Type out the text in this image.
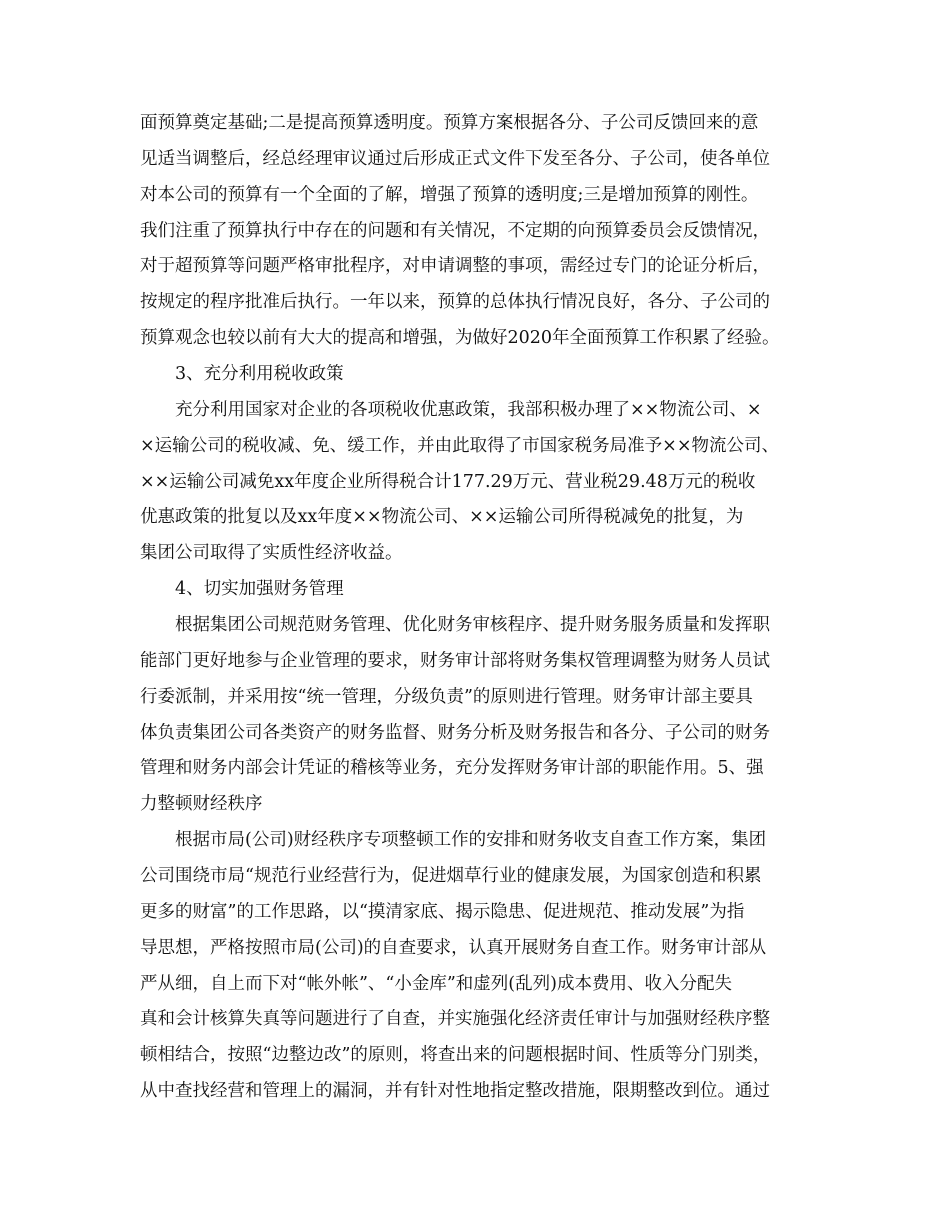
面预算奠定基础;二是提高预算透明度。预算方案根据各分、子公司反馈回来的意
见适当调整后，经总经理审议通过后形成正式文件下发至各分、子公司，使各单位
对本公司的预算有一个全面的了解，增强了预算的透明度;三是增加预算的刚性。
我们注重了预算执行中存在的问题和有关情况，不定期的向预算委员会反馈情况，
对于超预算等问题严格审批程序，对申请调整的事项，需经过专门的论证分析后，
按规定的程序批准后执行。一年以来，预算的总体执行情况良好，各分、子公司的
预算观念也较以前有大大的提高和增强，为做好2020年全面预算工作积累了经验。
3、充分利用税收政策
充分利用国家对企业的各项税收优惠政策，我部积极办理了××物流公司、×
×运输公司的税收减、免、缓工作，并由此取得了市国家税务局准予××物流公司、
××运输公司减免xx年度企业所得税合计177.29万元、营业税29.48万元的税收
优惠政策的批复以及xx年度××物流公司、××运输公司所得税减免的批复，为
集团公司取得了实质性经济收益。
4、切实加强财务管理
根据集团公司规范财务管理、优化财务审核程序、提升财务服务质量和发挥职
能部门更好地参与企业管理的要求，财务审计部将财务集权管理调整为财务人员试
行委派制，并采用按“统一管理，分级负责”的原则进行管理。财务审计部主要具
体负责集团公司各类资产的财务监督、财务分析及财务报告和各分、子公司的财务
管理和财务内部会计凭证的稽核等业务，充分发挥财务审计部的职能作用。5、强
力整顿财经秩序
根据市局(公司)财经秩序专项整顿工作的安排和财务收支自查工作方案，集团
公司围绕市局“规范行业经营行为，促进烟草行业的健康发展，为国家创造和积累
更多的财富”的工作思路，以“摸清家底、揭示隐患、促进规范、推动发展”为指
导思想，严格按照市局(公司)的自查要求，认真开展财务自查工作。财务审计部从
严从细，自上而下对“帐外帐”、“小金库”和虚列(乱列)成本费用、收入分配失
真和会计核算失真等问题进行了自查，并实施强化经济责任审计与加强财经秩序整
顿相结合，按照“边整边改”的原则，将查出来的问题根据时间、性质等分门别类，
从中查找经营和管理上的漏洞，并有针对性地指定整改措施，限期整改到位。通过
